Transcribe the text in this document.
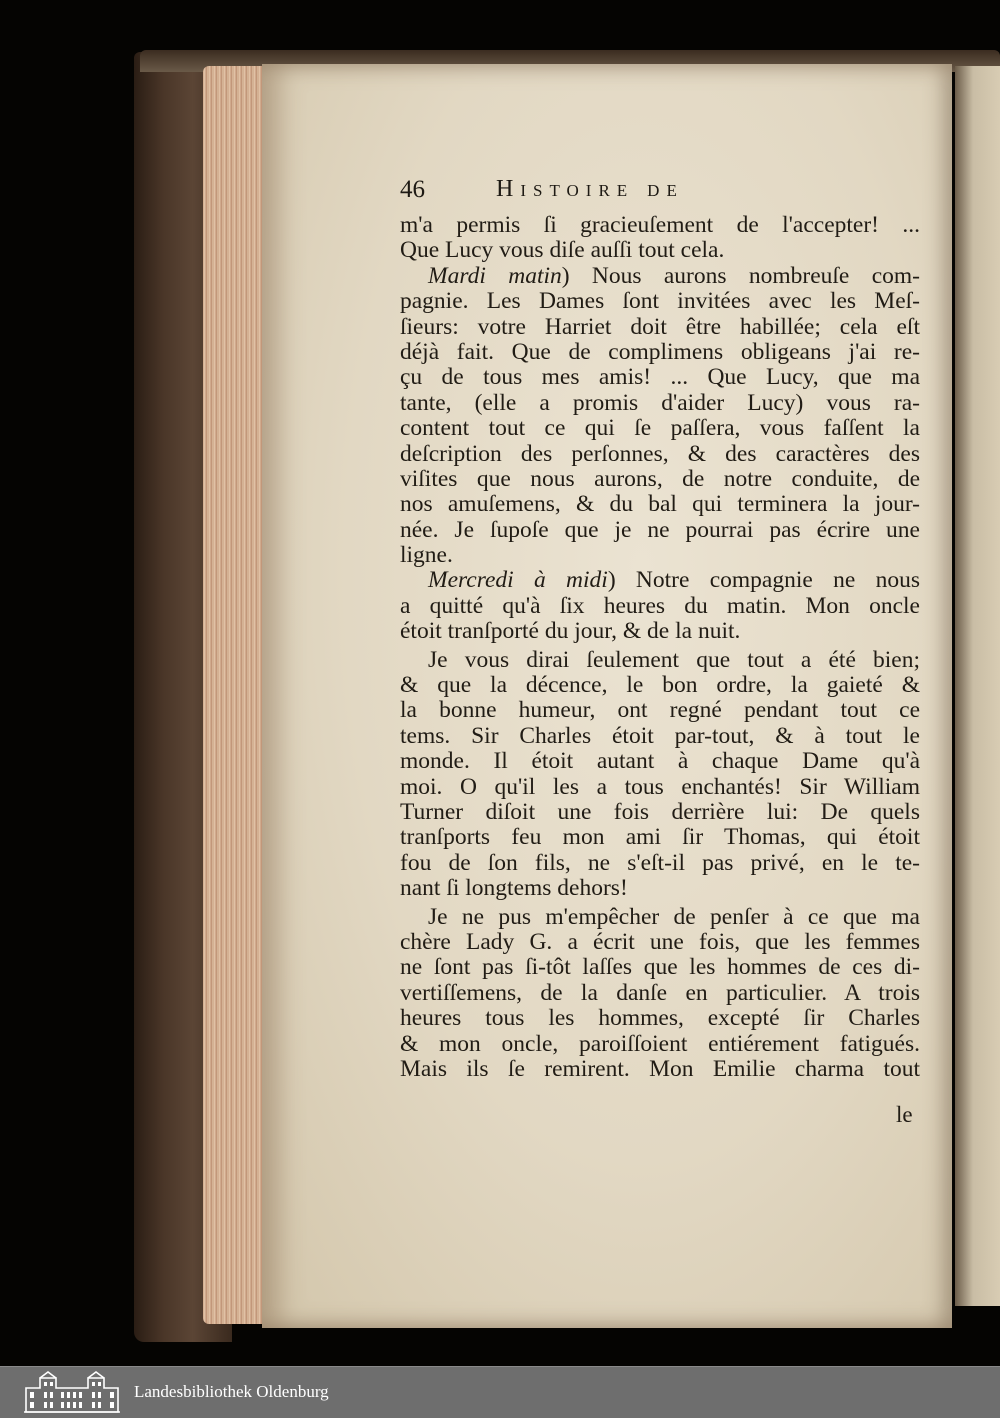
46	Histoire de
m'a permis ſi gracieuſement de l'accepter! ...
Que Lucy vous diſe auſſi tout cela.
Mardi matin) Nous aurons nombreuſe com-
pagnie. Les Dames ſont invitées avec les Meſ-
ſieurs: votre Harriet doit être habillée; cela eſt
déjà fait. Que de complimens obligeans j'ai re-
çu de tous mes amis! ... Que Lucy, que ma
tante, (elle a promis d'aider Lucy) vous ra-
content tout ce qui ſe paſſera, vous faſſent la
deſcription des perſonnes, & des caractères des
viſites que nous aurons, de notre conduite, de
nos amuſemens, & du bal qui terminera la jour-
née. Je ſupoſe que je ne pourrai pas écrire une
ligne.
Mercredi à midi) Notre compagnie ne nous
a quitté qu'à ſix heures du matin. Mon oncle
étoit tranſporté du jour, & de la nuit.
Je vous dirai ſeulement que tout a été bien;
& que la décence, le bon ordre, la gaieté &
la bonne humeur, ont regné pendant tout ce
tems. Sir Charles étoit par-tout, & à tout le
monde. Il étoit autant à chaque Dame qu'à
moi. O qu'il les a tous enchantés! Sir William
Turner diſoit une fois derrière lui: De quels
tranſports feu mon ami ſir Thomas, qui étoit
fou de ſon fils, ne s'eſt-il pas privé, en le te-
nant ſi longtems dehors!
Je ne pus m'empêcher de penſer à ce que ma
chère Lady G. a écrit une fois, que les femmes
ne ſont pas ſi-tôt laſſes que les hommes de ces di-
vertiſſemens, de la danſe en particulier. A trois
heures tous les hommes, excepté ſir Charles
& mon oncle, paroiſſoient entiérement fatigués.
Mais ils ſe remirent. Mon Emilie charma tout
le
Landesbibliothek Oldenburg
